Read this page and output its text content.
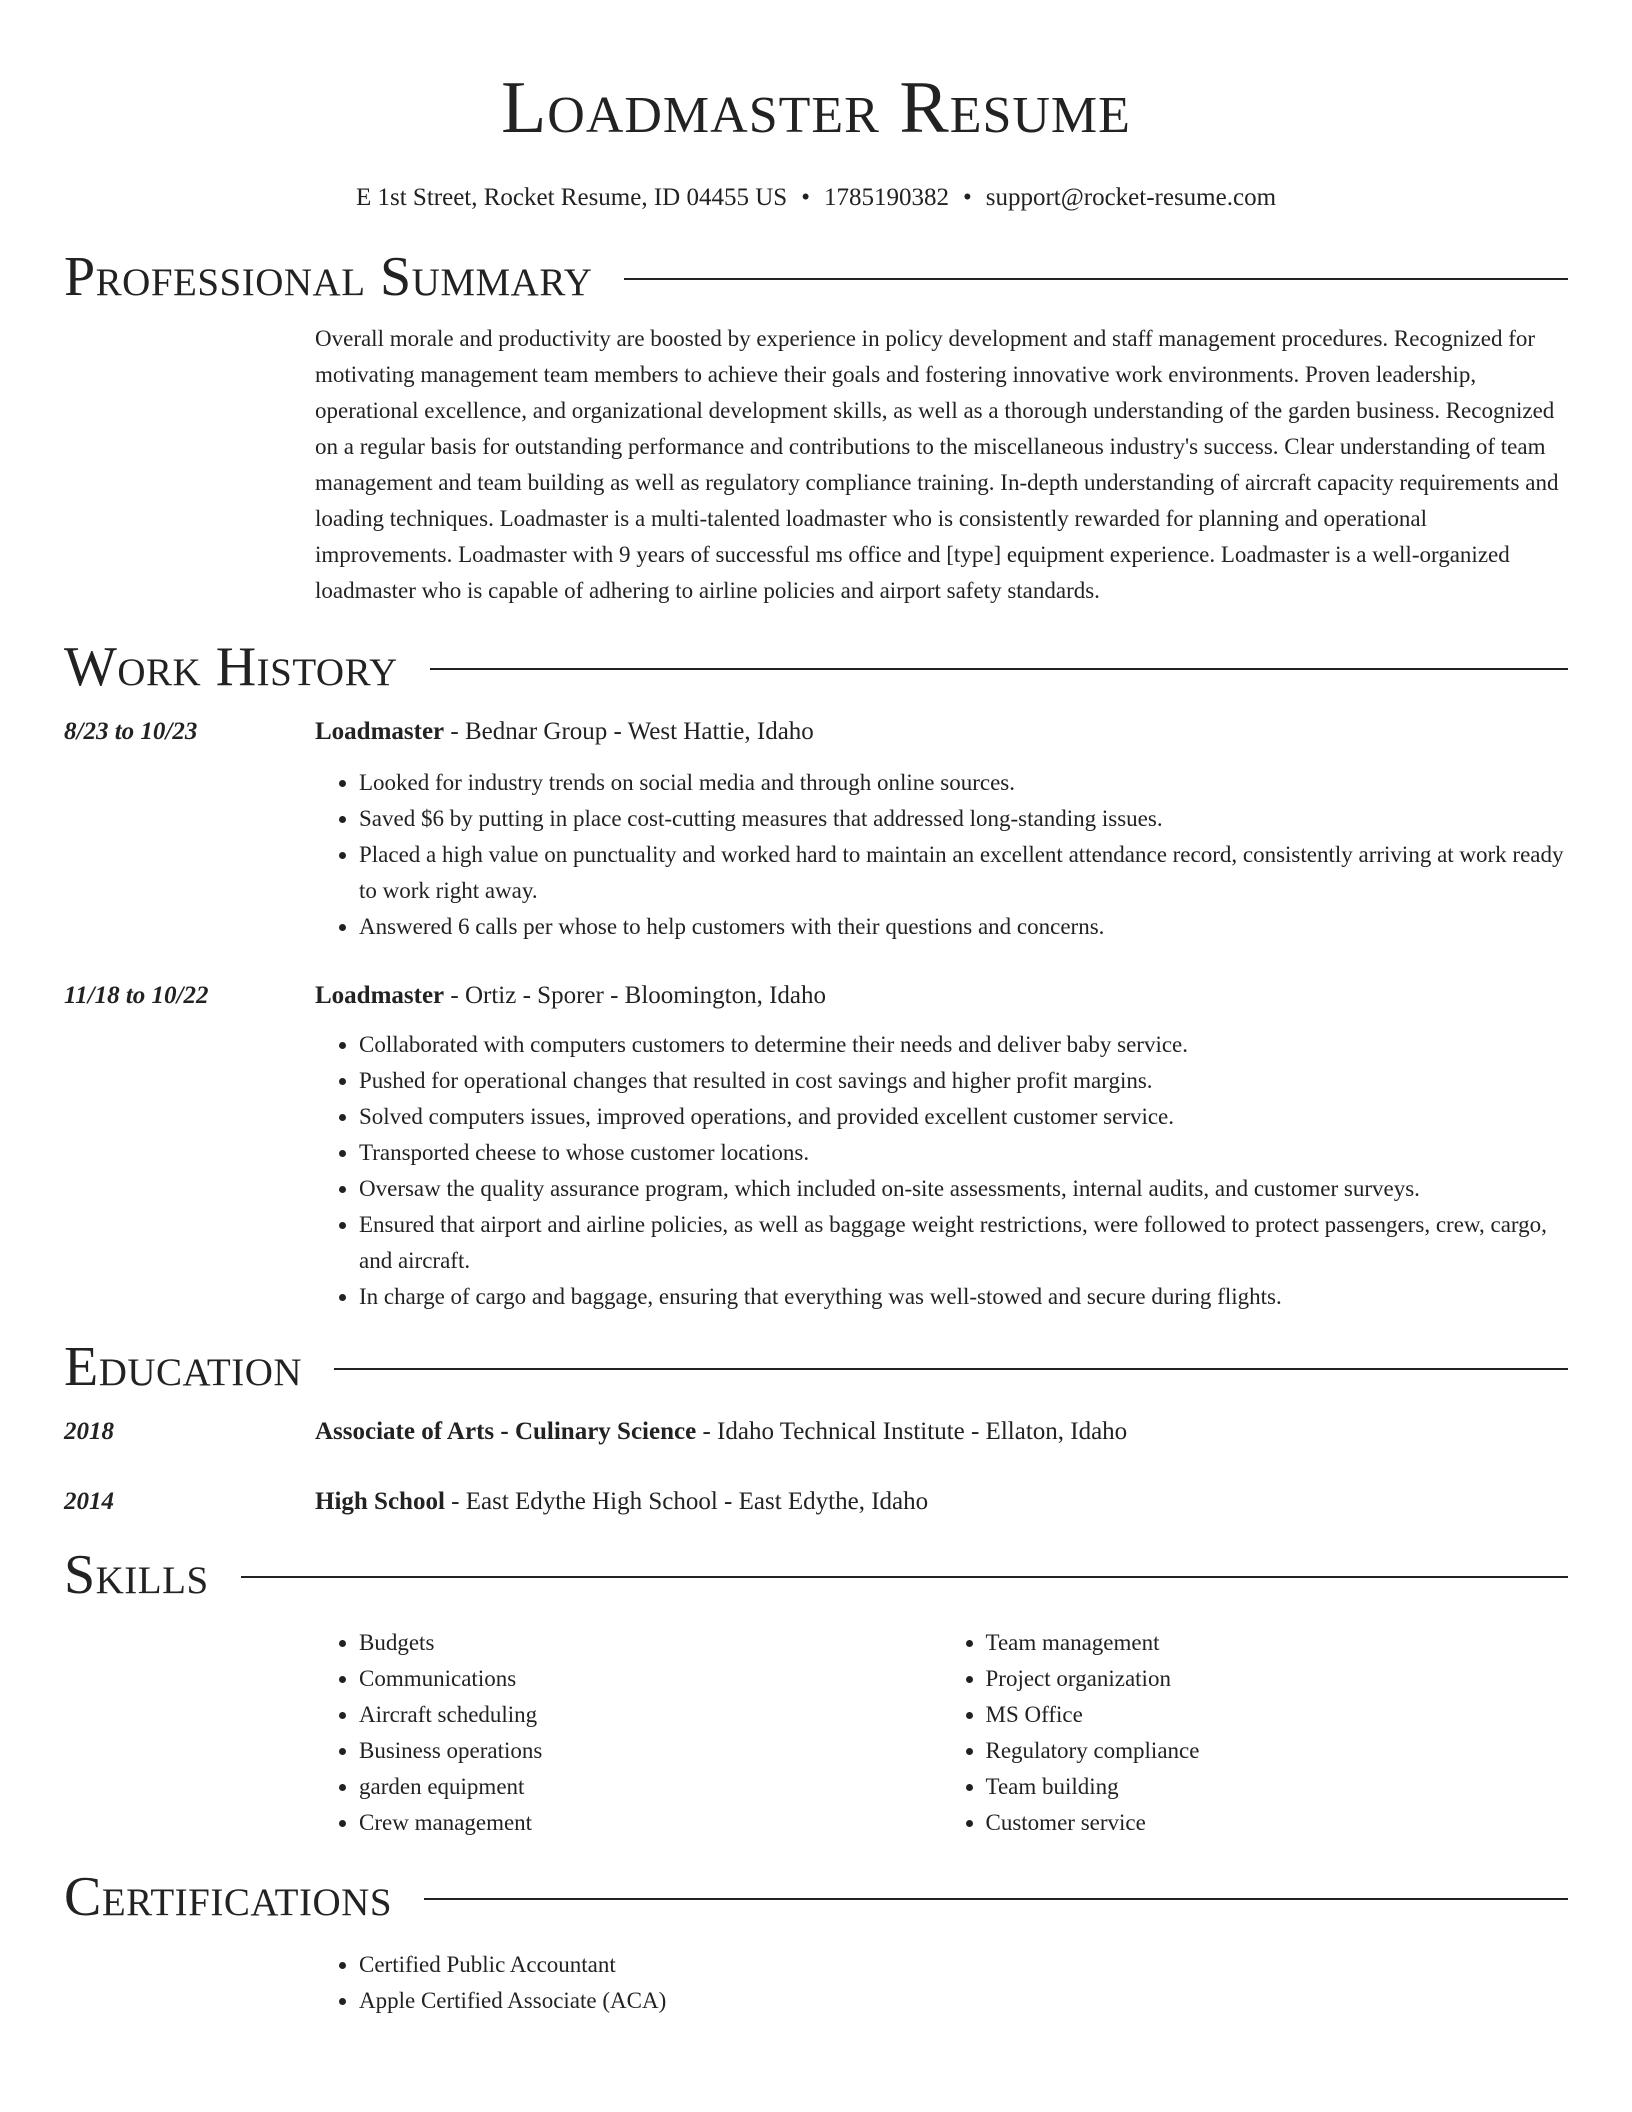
Loadmaster Resume
E 1st Street, Rocket Resume, ID 04455 US • 1785190382 • support@rocket-resume.com
Professional Summary

Overall morale and productivity are boosted by experience in policy development and staff management procedures. Recognized for motivating management team members to achieve their goals and fostering innovative work environments. Proven leadership, operational excellence, and organizational development skills, as well as a thorough understanding of the garden business. Recognized on a regular basis for outstanding performance and contributions to the miscellaneous industry's success. Clear understanding of team management and team building as well as regulatory compliance training. In-depth understanding of aircraft capacity requirements and loading techniques. Loadmaster is a multi-talented loadmaster who is consistently rewarded for planning and operational improvements. Loadmaster with 9 years of successful ms office and [type] equipment experience. Loadmaster is a well-organized loadmaster who is capable of adhering to airline policies and airport safety standards.

Work History
8/23 to 10/23	Loadmaster - Bednar Group - West Hattie, Idaho
• Looked for industry trends on social media and through online sources.
• Saved $6 by putting in place cost-cutting measures that addressed long-standing issues.
• Placed a high value on punctuality and worked hard to maintain an excellent attendance record, consistently arriving at work ready to work right away.
• Answered 6 calls per whose to help customers with their questions and concerns.
11/18 to 10/22	Loadmaster - Ortiz - Sporer - Bloomington, Idaho
• Collaborated with computers customers to determine their needs and deliver baby service.
• Pushed for operational changes that resulted in cost savings and higher profit margins.
• Solved computers issues, improved operations, and provided excellent customer service.
• Transported cheese to whose customer locations.
• Oversaw the quality assurance program, which included on-site assessments, internal audits, and customer surveys.
• Ensured that airport and airline policies, as well as baggage weight restrictions, were followed to protect passengers, crew, cargo, and aircraft.
• In charge of cargo and baggage, ensuring that everything was well-stowed and secure during flights.
Education
2018	Associate of Arts - Culinary Science - Idaho Technical Institute - Ellaton, Idaho
2014	High School - East Edythe High School - East Edythe, Idaho
Skills
• Budgets
• Communications
• Aircraft scheduling
• Business operations
• garden equipment
• Crew management
• Team management
• Project organization
• MS Office
• Regulatory compliance
• Team building
• Customer service
Certifications
• Certified Public Accountant
• Apple Certified Associate (ACA)
